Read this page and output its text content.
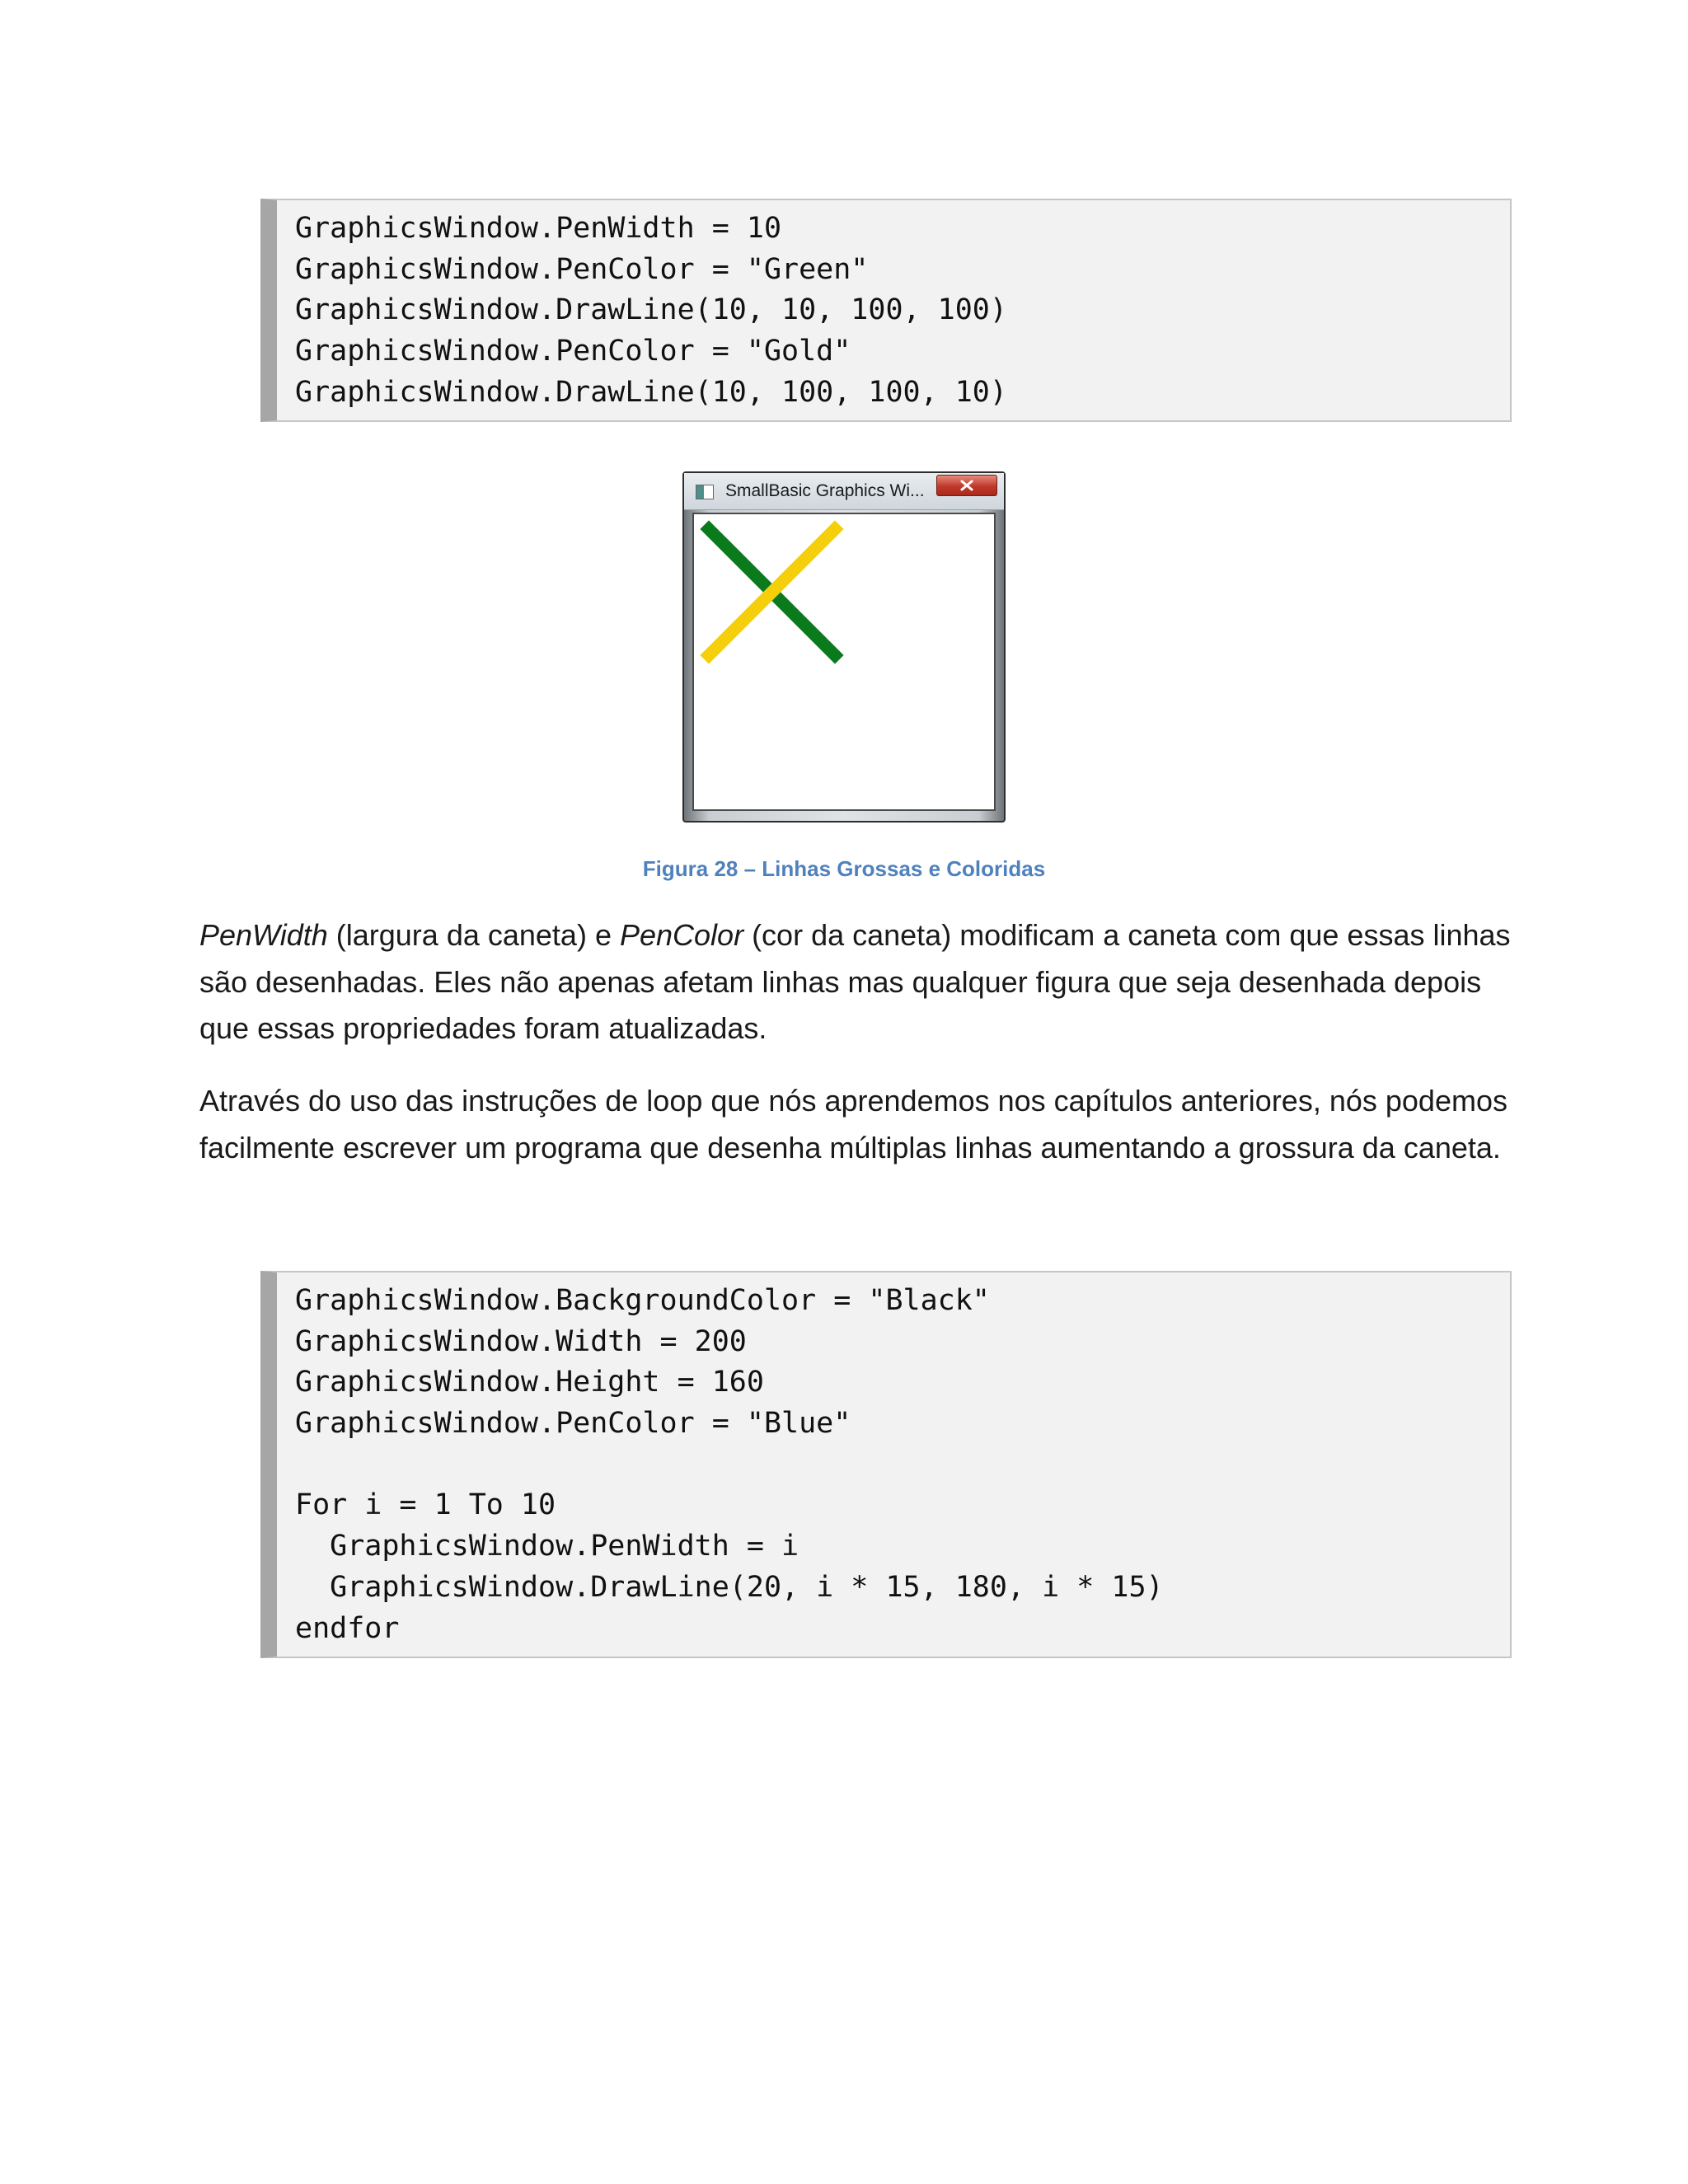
GraphicsWindow.PenWidth = 10
GraphicsWindow.PenColor = "Green"
GraphicsWindow.DrawLine(10, 10, 100, 100)
GraphicsWindow.PenColor = "Gold"
GraphicsWindow.DrawLine(10, 100, 100, 10)
SmallBasic Graphics Wi...
Figura 28 – Linhas Grossas e Coloridas

PenWidth (largura da caneta) e PenColor (cor da caneta) modificam a caneta com que essas linhas são desenhadas. Eles não apenas afetam linhas mas qualquer figura que seja desenhada depois que essas propriedades foram atualizadas.

Através do uso das instruções de loop que nós aprendemos nos capítulos anteriores, nós podemos facilmente escrever um programa que desenha múltiplas linhas aumentando a grossura da caneta.

GraphicsWindow.BackgroundColor = "Black"
GraphicsWindow.Width = 200
GraphicsWindow.Height = 160
GraphicsWindow.PenColor = "Blue"
For i = 1 To 10
GraphicsWindow.PenWidth = i
GraphicsWindow.DrawLine(20, i * 15, 180, i * 15)
endfor
